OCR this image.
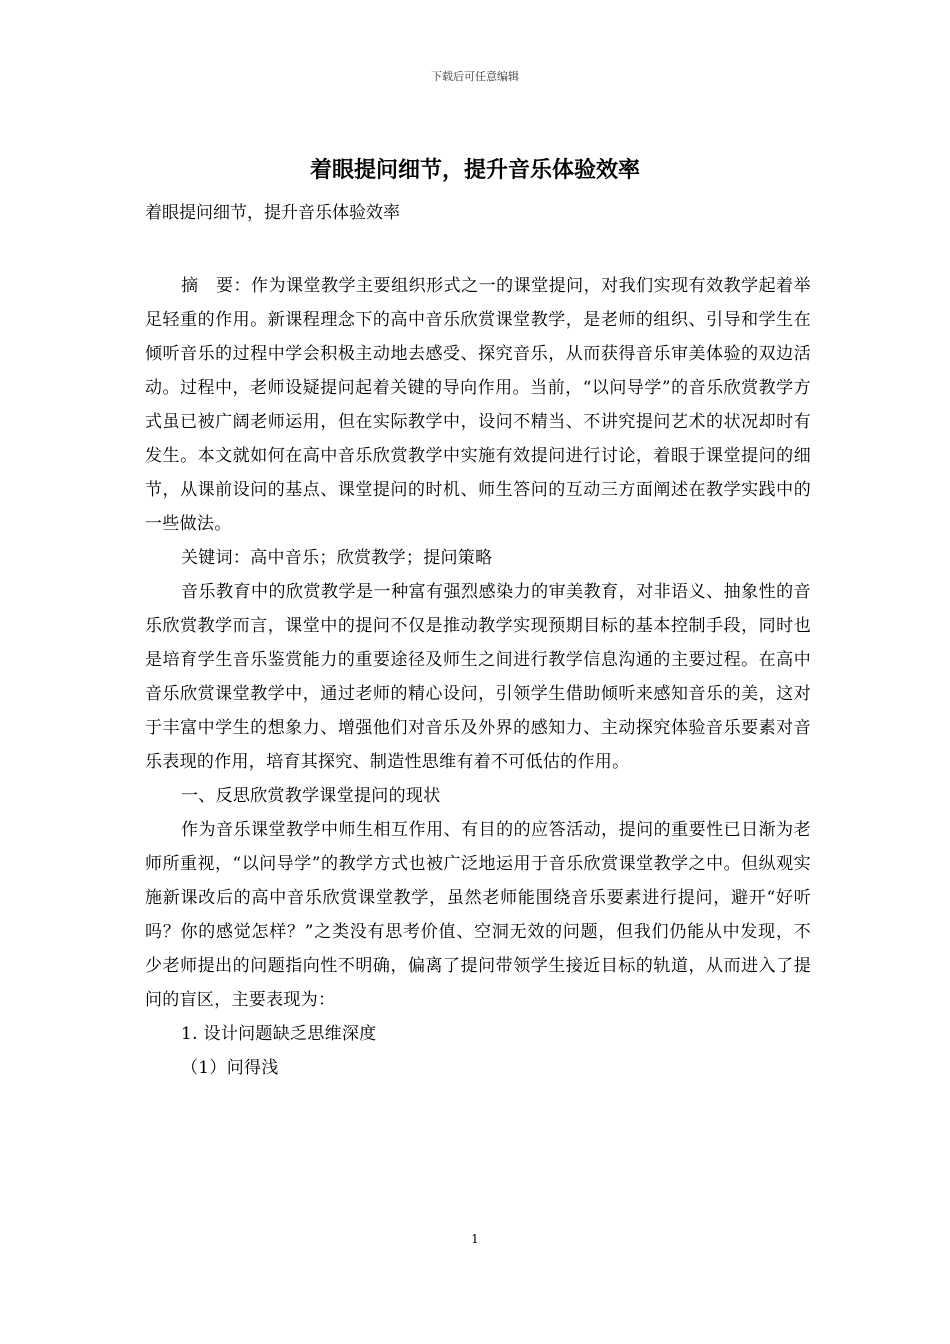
下载后可任意编辑
着眼提问细节，提升音乐体验效率

着眼提问细节，提升音乐体验效率

摘　要：作为课堂教学主要组织形式之一的课堂提问，对我们实现有效教学起着举足轻重的作用。新课程理念下的高中音乐欣赏课堂教学，是老师的组织、引导和学生在倾听音乐的过程中学会积极主动地去感受、探究音乐，从而获得音乐审美体验的双边活动。过程中，老师设疑提问起着关键的导向作用。当前，“以问导学”的音乐欣赏教学方式虽已被广阔老师运用，但在实际教学中，设问不精当、不讲究提问艺术的状况却时有发生。本文就如何在高中音乐欣赏教学中实施有效提问进行讨论，着眼于课堂提问的细节，从课前设问的基点、课堂提问的时机、师生答问的互动三方面阐述在教学实践中的一些做法。

关键词：高中音乐；欣赏教学；提问策略

音乐教育中的欣赏教学是一种富有强烈感染力的审美教育，对非语义、抽象性的音乐欣赏教学而言，课堂中的提问不仅是推动教学实现预期目标的基本控制手段，同时也是培育学生音乐鉴赏能力的重要途径及师生之间进行教学信息沟通的主要过程。在高中音乐欣赏课堂教学中，通过老师的精心设问，引领学生借助倾听来感知音乐的美，这对于丰富中学生的想象力、增强他们对音乐及外界的感知力、主动探究体验音乐要素对音乐表现的作用，培育其探究、制造性思维有着不可低估的作用。

一、反思欣赏教学课堂提问的现状

作为音乐课堂教学中师生相互作用、有目的的应答活动，提问的重要性已日渐为老师所重视，“以问导学”的教学方式也被广泛地运用于音乐欣赏课堂教学之中。但纵观实施新课改后的高中音乐欣赏课堂教学，虽然老师能围绕音乐要素进行提问，避开“好听吗？你的感觉怎样？”之类没有思考价值、空洞无效的问题，但我们仍能从中发现，不少老师提出的问题指向性不明确，偏离了提问带领学生接近目标的轨道，从而进入了提问的盲区，主要表现为：

1. 设计问题缺乏思维深度

（1）问得浅

1
